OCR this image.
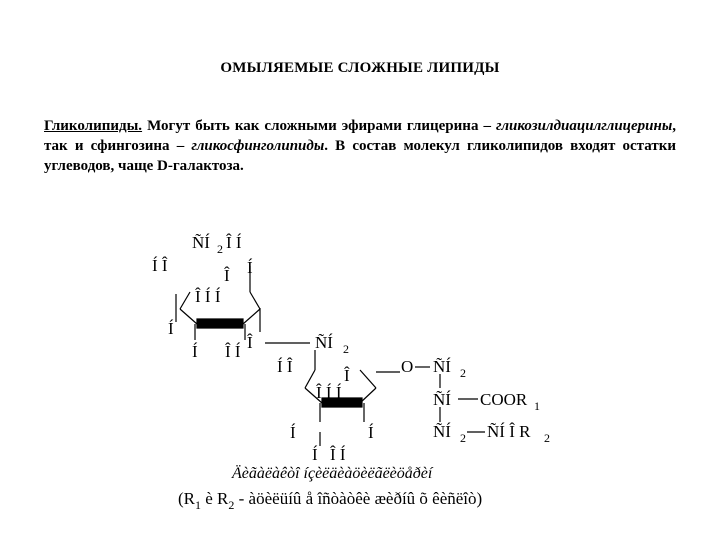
ОМЫЛЯЕМЫЕ СЛОЖНЫЕ ЛИПИДЫ
Гликолипиды. Могут быть как сложными эфирами глицерина – гликозилдиацилглицерины, так и сфингозина – гликосфинголипиды. В состав молекул гликолипидов входят остатки углеводов, чаще D-галактоза.
ÑÍ 2 Î Í
Í Î
Î Í
Î Í Í
Í
Í Î Í Î	ÑÍ 2
Í Î	Î
Î Í Í
Í	Í
Î Í
Í
O ÑÍ 2
ÑÍ COOR 1
ÑÍ 2 ÑÍ Î R 2
Äèãàëàêòî íçèëäèàöèëãëèöåðèí
($R_1$ è $R_2$ - àöèëüíû å îñòàòêè æèðíû õ êèñëîò)
